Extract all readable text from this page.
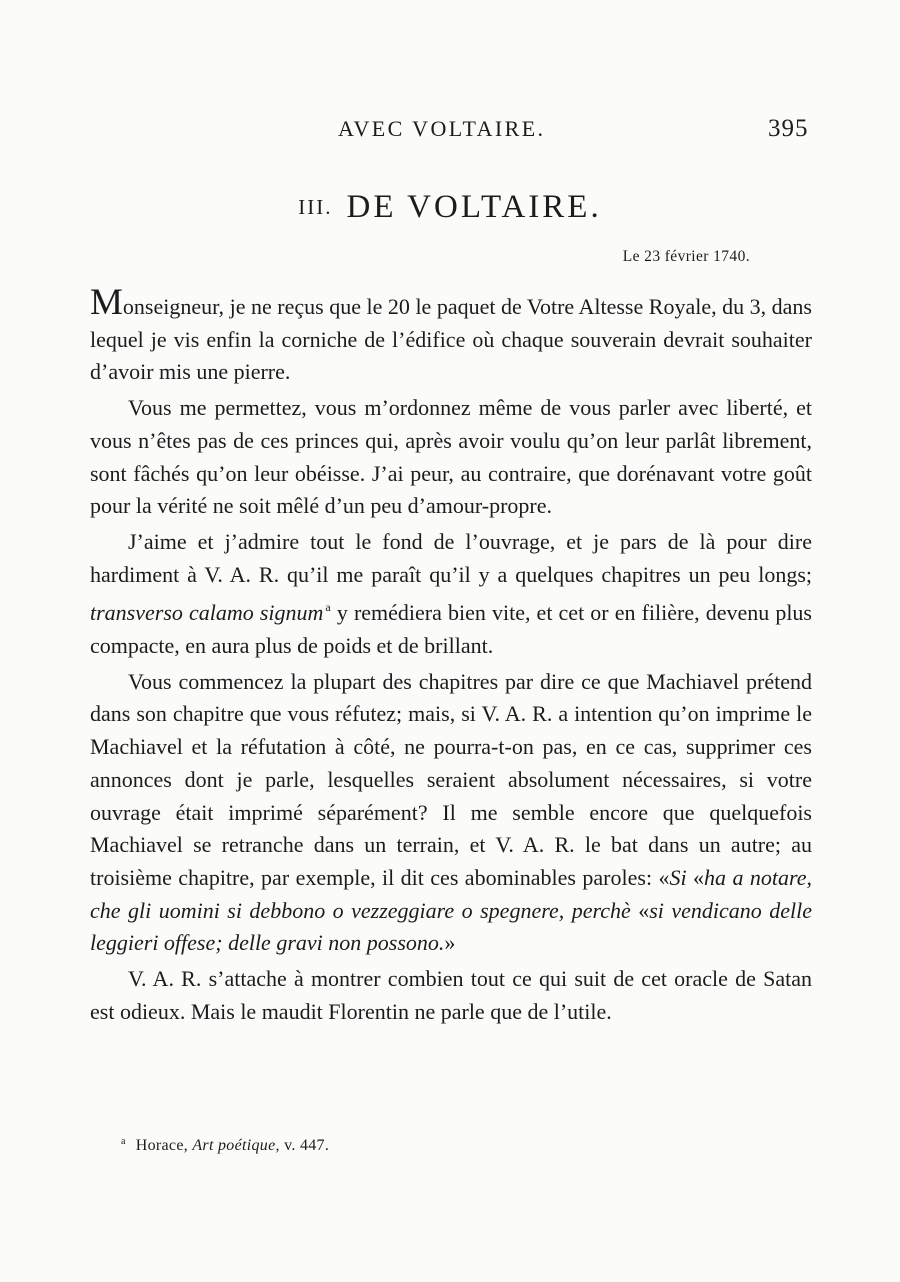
AVEC VOLTAIRE.	395
III. DE VOLTAIRE.
Le 23 février 1740.

Monseigneur, je ne reçus que le 20 le paquet de Votre Altesse Royale, du 3, dans lequel je vis enfin la corniche de l’édifice où chaque souverain devrait souhaiter d’avoir mis une pierre.

Vous me permettez, vous m’ordonnez même de vous parler avec liberté, et vous n’êtes pas de ces princes qui, après avoir voulu qu’on leur parlât librement, sont fâchés qu’on leur obéisse. J’ai peur, au contraire, que dorénavant votre goût pour la vérité ne soit mêlé d’un peu d’amour-propre.

J’aime et j’admire tout le fond de l’ouvrage, et je pars de là pour dire hardiment à V. A. R. qu’il me paraît qu’il y a quelques chapitres un peu longs; transverso calamo signum $^a$ y remédiera bien vite, et cet or en filière, devenu plus compacte, en aura plus de poids et de brillant.

Vous commencez la plupart des chapitres par dire ce que Machiavel prétend dans son chapitre que vous réfutez; mais, si V. A. R. a intention qu’on imprime le Machiavel et la réfutation à côté, ne pourra-t-on pas, en ce cas, supprimer ces annonces dont je parle, lesquelles seraient absolument nécessaires, si votre ouvrage était imprimé séparément? Il me semble encore que quelquefois Machiavel se retranche dans un terrain, et V. A. R. le bat dans un autre; au troisième chapitre, par exemple, il dit ces abominables paroles: «Si «ha a notare, che gli uomini si debbono o vezzeggiare o spegnere, perchè «si vendicano delle leggieri offese; delle gravi non possono.»

V. A. R. s’attache à montrer combien tout ce qui suit de cet oracle de Satan est odieux. Mais le maudit Florentin ne parle que de l’utile.

$^a$ Horace, Art poétique, v. 447.
